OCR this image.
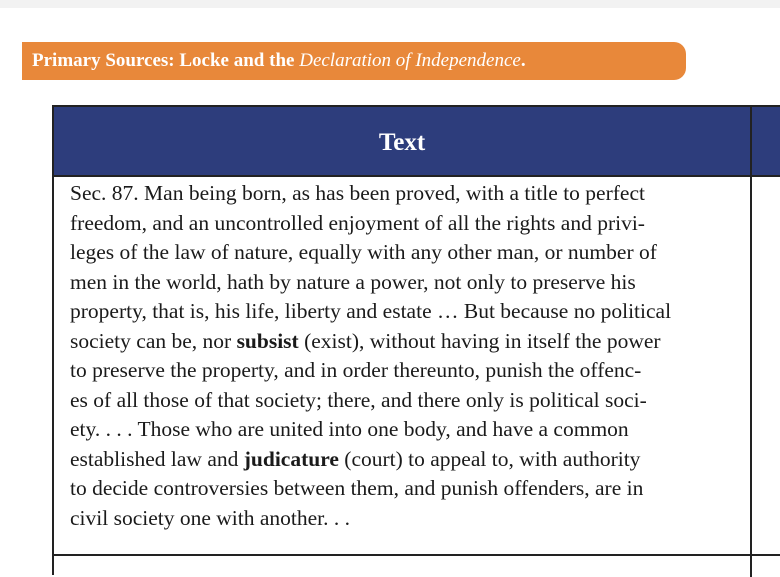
Primary Sources: Locke and the Declaration of Independence.
Text
Sec. 87. Man being born, as has been proved, with a title to perfect
freedom, and an uncontrolled enjoyment of all the rights and privi-
leges of the law of nature, equally with any other man, or number of
men in the world, hath by nature a power, not only to preserve his
property, that is, his life, liberty and estate … But because no political
society can be, nor subsist (exist), without having in itself the power
to preserve the property, and in order thereunto, punish the offenc-
es of all those of that society; there, and there only is political soci-
ety. . . . Those who are united into one body, and have a common
established law and judicature (court) to appeal to, with authority
to decide controversies between them, and punish offenders, are in
civil society one with another. . .
